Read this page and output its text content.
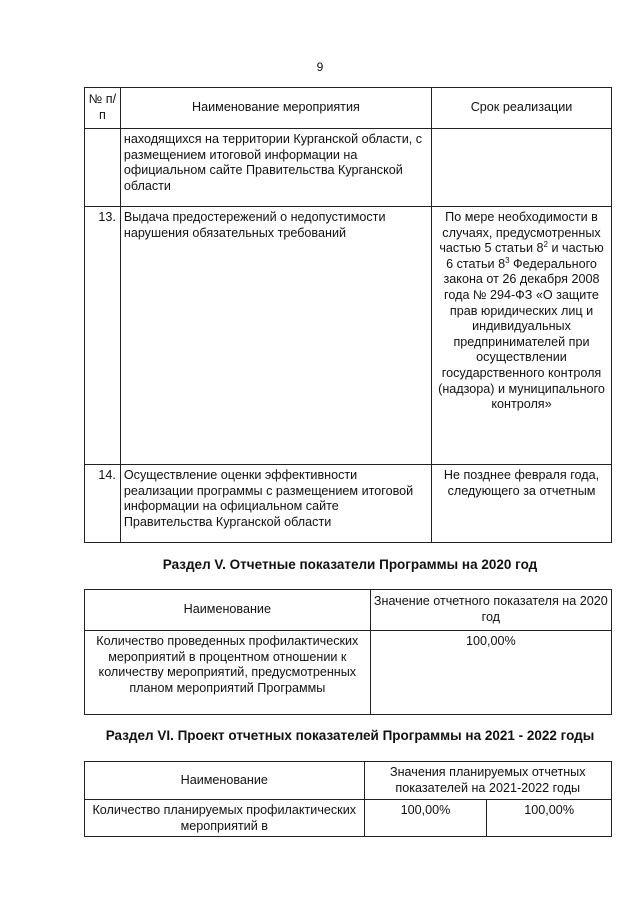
9
№ п/п	Наименование мероприятия	Срок реализации
	находящихся на территории Курганской области, с размещением итоговой информации на официальном сайте Правительства Курганской области	
13.	Выдача предостережений о недопустимости нарушения обязательных требований	По мере необходимости в случаях, предусмотренных частью 5 статьи $8^2$ и частью 6 статьи $8^3$ Федерального закона от 26 декабря 2008 года № 294-ФЗ «О защите прав юридических лиц и индивидуальных предпринимателей при осуществлении государственного контроля (надзора) и муниципального контроля»
14.	Осуществление оценки эффективности реализации программы с размещением итоговой информации на официальном сайте Правительства Курганской области	Не позднее февраля года, следующего за отчетным
Раздел V. Отчетные показатели Программы на 2020 год
Наименование	Значение отчетного показателя на 2020 год
Количество проведенных профилактических мероприятий в процентном отношении к количеству мероприятий, предусмотренных планом мероприятий Программы	100,00%
Раздел VI. Проект отчетных показателей Программы на 2021 - 2022 годы
Наименование	Значения планируемых отчетных показателей на 2021-2022 годы	
Количество планируемых профилактических мероприятий в	100,00%	100,00%
